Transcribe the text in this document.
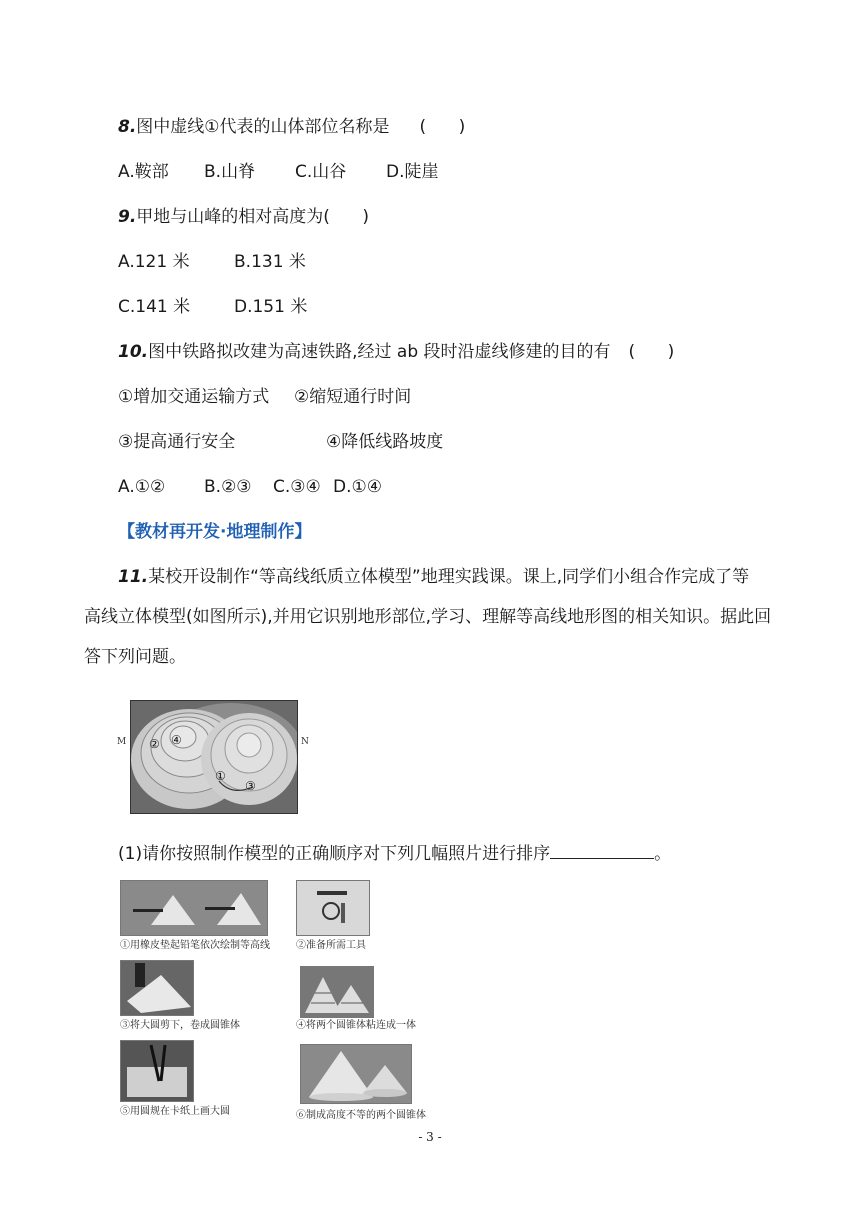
8.图中虚线①代表的山体部位名称是 (      )
A.鞍部 B.山脊 C.山谷 D.陡崖
9.甲地与山峰的相对高度为(      )
A.121 米	B.131 米
C.141 米	D.151 米
10.图中铁路拟改建为高速铁路,经过 ab 段时沿虚线修建的目的有 (      )
①增加交通运输方式 ②缩短通行时间
③提高通行安全	④降低线路坡度
A.①② B.②③ C.③④ D.①④
【教材再开发·地理制作】
11.某校开设制作“等高线纸质立体模型”地理实践课。课上,同学们小组合作完成了等
高线立体模型(如图所示),并用它识别地形部位,学习、理解等高线地形图的相关知识。据此回
答下列问题。
M	N
② ④
①
③
(1)请你按照制作模型的正确顺序对下列几幅照片进行排序	。
①用橡皮垫起铅笔依次绘制等高线	②准备所需工具
③将大圆剪下，卷成圆锥体	④将两个圆锥体粘连成一体
⑤用圆规在卡纸上画大圆	⑥制成高度不等的两个圆锥体
- 3 -
